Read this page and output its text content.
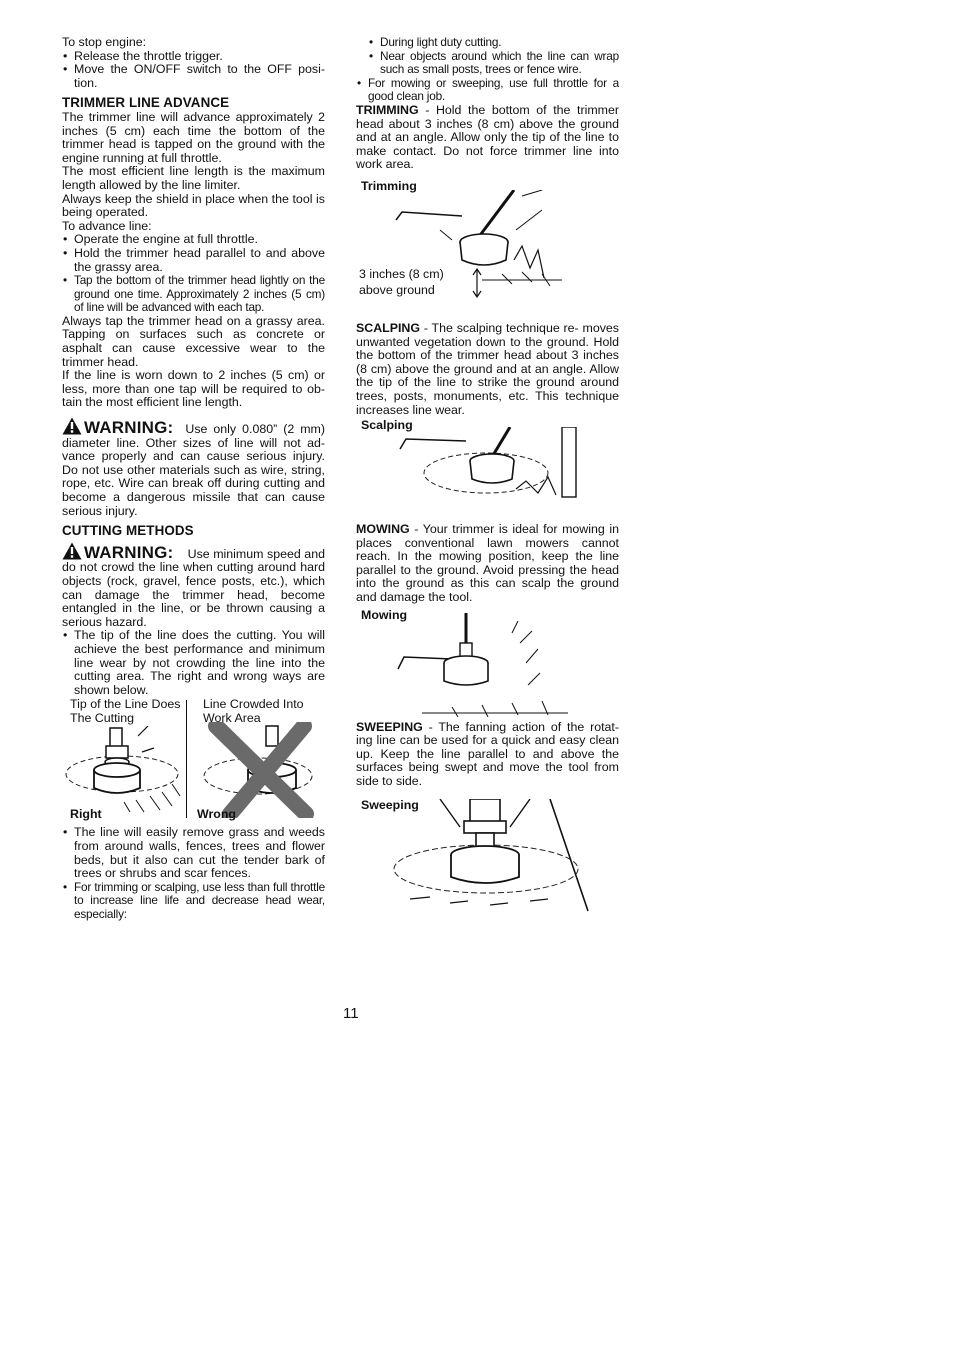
To stop engine:

• Release the throttle trigger.
• Move the ON/OFF switch to the OFF posi- tion.
TRIMMER LINE ADVANCE

The trimmer line will advance approximately 2 inches (5 cm) each time the bottom of the trimmer head is tapped on the ground with the engine running at full throttle.

The most efficient line length is the maximum length allowed by the line limiter.

Always keep the shield in place when the tool is being operated.

To advance line:

• Operate the engine at full throttle.
• Hold the trimmer head parallel to and above the grassy area.
• Tap the bottom of the trimmer head lightly on the ground one time. Approximately 2 inches (5 cm) of line will be advanced with each tap.

Always tap the trimmer head on a grassy area. Tapping on surfaces such as concrete or asphalt can cause excessive wear to the trimmer head.

If the line is worn down to 2 inches (5 cm) or less, more than one tap will be required to ob- tain the most efficient line length.

WARNING: Use only 0.080” (2 mm) diameter line. Other sizes of line will not ad- vance properly and can cause serious injury. Do not use other materials such as wire, string, rope, etc. Wire can break off during cutting and become a dangerous missile that can cause serious injury.

CUTTING METHODS

WARNING: Use minimum speed and do not crowd the line when cutting around hard objects (rock, gravel, fence posts, etc.), which can damage the trimmer head, become entangled in the line, or be thrown causing a serious hazard.

• The tip of the line does the cutting. You will achieve the best performance and minimum line wear by not crowding the line into the cutting area. The right and wrong ways are shown below.
Tip of the Line Does The Cutting
Line Crowded Into Work Area
Right	Wrong
• The line will easily remove grass and weeds from around walls, fences, trees and flower beds, but it also can cut the tender bark of trees or shrubs and scar fences.
• For trimming or scalping, use less than full throttle to increase line life and decrease head wear, especially:
• During light duty cutting.
• Near objects around which the line can wrap such as small posts, trees or fence wire.
• For mowing or sweeping, use full throttle for a good clean job.

TRIMMING - Hold the bottom of the trimmer head about 3 inches (8 cm) above the ground and at an angle. Allow only the tip of the line to make contact. Do not force trimmer line into work area.

Trimming
3 inches (8 cm)
above ground

SCALPING - The scalping technique re- moves unwanted vegetation down to the ground. Hold the bottom of the trimmer head about 3 inches (8 cm) above the ground and at an angle. Allow the tip of the line to strike the ground around trees, posts, monuments, etc. This technique increases line wear.

Scalping

MOWING - Your trimmer is ideal for mowing in places conventional lawn mowers cannot reach. In the mowing position, keep the line parallel to the ground. Avoid pressing the head into the ground as this can scalp the ground and damage the tool.

Mowing

SWEEPING - The fanning action of the rotat- ing line can be used for a quick and easy clean up. Keep the line parallel to and above the surfaces being swept and move the tool from side to side.

Sweeping
11
